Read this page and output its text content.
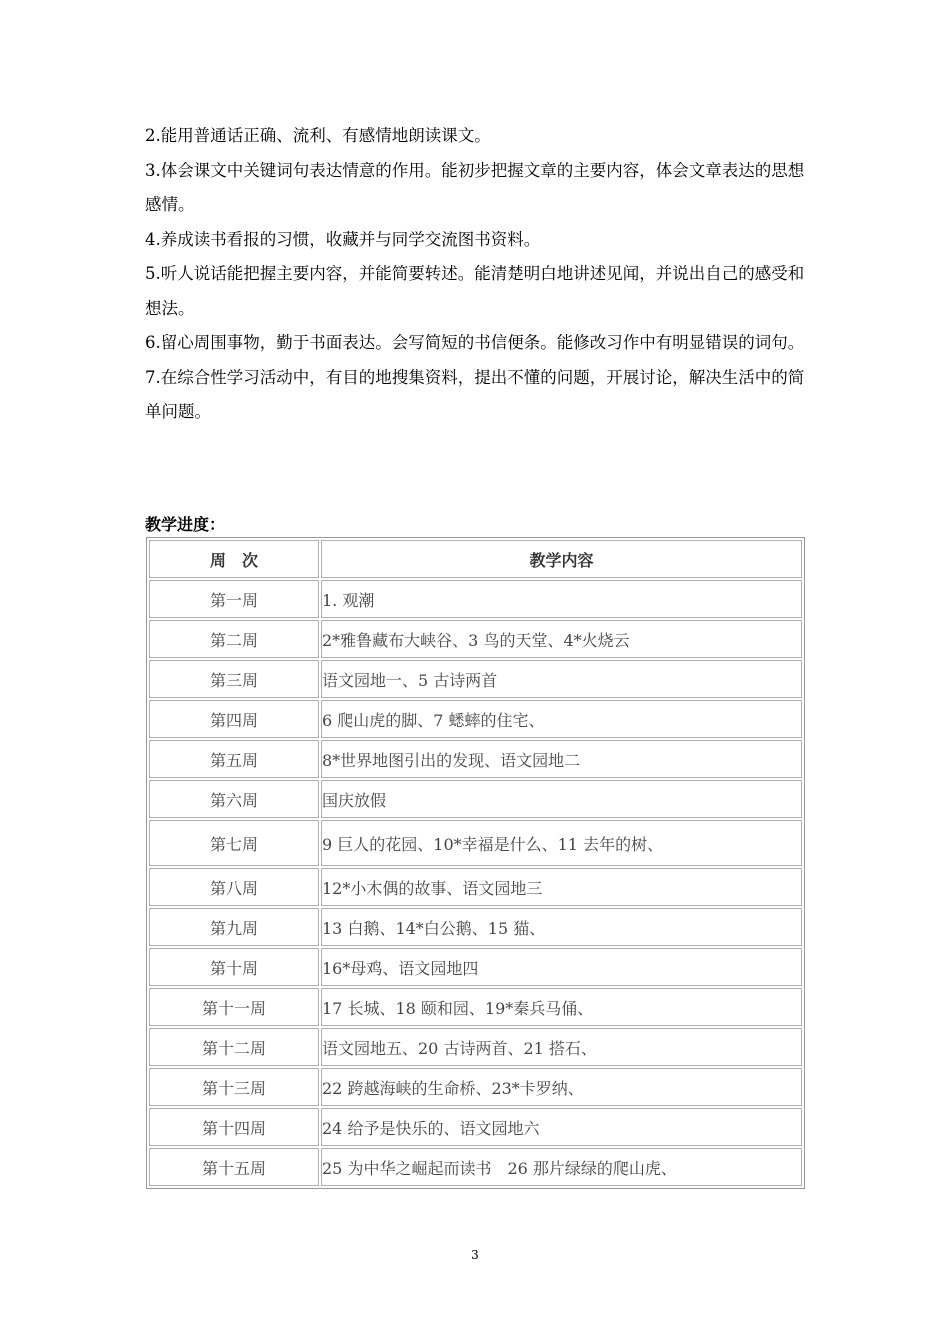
2.能用普通话正确、流利、有感情地朗读课文。

3.体会课文中关键词句表达情意的作用。能初步把握文章的主要内容，体会文章表达的思想感情。

4.养成读书看报的习惯，收藏并与同学交流图书资料。

5.听人说话能把握主要内容，并能简要转述。能清楚明白地讲述见闻，并说出自己的感受和想法。

6.留心周围事物，勤于书面表达。会写简短的书信便条。能修改习作中有明显错误的词句。

7.在综合性学习活动中，有目的地搜集资料，提出不懂的问题，开展讨论，解决生活中的简单问题。

教学进度：

周　次	教学内容
第一周	1. 观潮
第二周	2*雅鲁藏布大峡谷、3 鸟的天堂、4*火烧云
第三周	语文园地一、5 古诗两首
第四周	6 爬山虎的脚、7 蟋蟀的住宅、
第五周	8*世界地图引出的发现、语文园地二
第六周	国庆放假
第七周	9 巨人的花园、10*幸福是什么、11 去年的树、
第八周	12*小木偶的故事、语文园地三
第九周	13 白鹅、14*白公鹅、15 猫、
第十周	16*母鸡、语文园地四
第十一周	17 长城、18 颐和园、19*秦兵马俑、
第十二周	语文园地五、20 古诗两首、21 搭石、
第十三周	22 跨越海峡的生命桥、23*卡罗纳、
第十四周	24 给予是快乐的、语文园地六
第十五周	25 为中华之崛起而读书　26 那片绿绿的爬山虎、

3
